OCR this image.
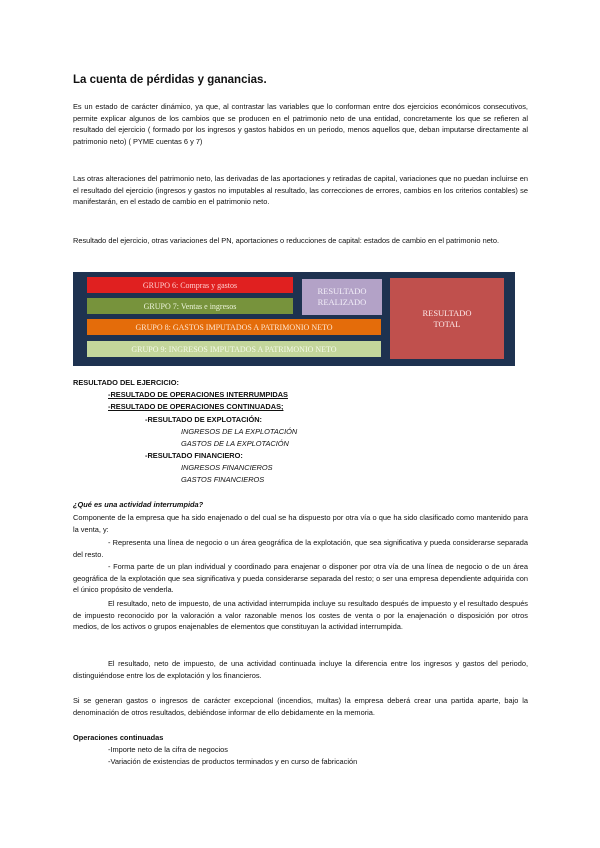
La cuenta de pérdidas y ganancias.

Es un estado de carácter dinámico, ya que, al contrastar las variables que lo conforman entre dos ejercicios económicos consecutivos, permite explicar algunos de los cambios que se producen en el patrimonio neto de una entidad, concretamente los que se refieren al resultado del ejercicio ( formado por los ingresos y gastos habidos en un periodo, menos aquellos que, deban imputarse directamente al patrimonio neto) ( PYME cuentas 6 y 7)

Las otras alteraciones del patrimonio neto, las derivadas de las aportaciones y retiradas de capital, variaciones que no puedan incluirse en el resultado del ejercicio (ingresos y gastos no imputables al resultado, las correcciones de errores, cambios en los criterios contables) se manifestarán, en el estado de cambio en el patrimonio neto.

Resultado del ejercicio, otras variaciones del PN, aportaciones o reducciones de capital: estados de cambio en el patrimonio neto.

GRUPO 6: Compras y gastos
GRUPO 7: Ventas e ingresos
GRUPO 8: GASTOS IMPUTADOS A PATRIMONIO NETO
GRUPO 9: INGRESOS IMPUTADOS A PATRIMONIO NETO
RESULTADO
REALIZADO
RESULTADO
TOTAL
RESULTADO DEL EJERCICIO:
-RESULTADO DE OPERACIONES INTERRUMPIDAS
-RESULTADO DE OPERACIONES CONTINUADAS;
-RESULTADO DE EXPLOTACIÓN:
INGRESOS DE LA EXPLOTACIÓN
GASTOS DE LA EXPLOTACIÓN
-RESULTADO FINANCIERO:
INGRESOS FINANCIEROS
GASTOS FINANCIEROS
¿Qué es una actividad interrumpida?

Componente de la empresa que ha sido enajenado o del cual se ha dispuesto por otra vía o que ha sido clasificado como mantenido para la venta, y:

- Representa una línea de negocio o un área geográfica de la explotación, que sea significativa y pueda considerarse separada del resto.

- Forma parte de un plan individual y coordinado para enajenar o disponer por otra vía de una línea de negocio o de un área geográfica de la explotación que sea significativa y pueda considerarse separada del resto; o ser una empresa dependiente adquirida con el único propósito de venderla.

El resultado, neto de impuesto, de una actividad interrumpida incluye su resultado después de impuesto y el resultado después de impuesto reconocido por la valoración a valor razonable menos los costes de venta o por la enajenación o disposición por otros medios, de los activos o grupos enajenables de elementos que constituyan la actividad interrumpida.

El resultado, neto de impuesto, de una actividad continuada incluye la diferencia entre los ingresos y gastos del periodo, distinguiéndose entre los de explotación y los financieros.

Si se generan gastos o ingresos de carácter excepcional (incendios, multas) la empresa deberá crear una partida aparte, bajo la denominación de otros resultados, debiéndose informar de ello debidamente en la memoria.

Operaciones continuadas
-Importe neto de la cifra de negocios
-Variación de existencias de productos terminados y en curso de fabricación
